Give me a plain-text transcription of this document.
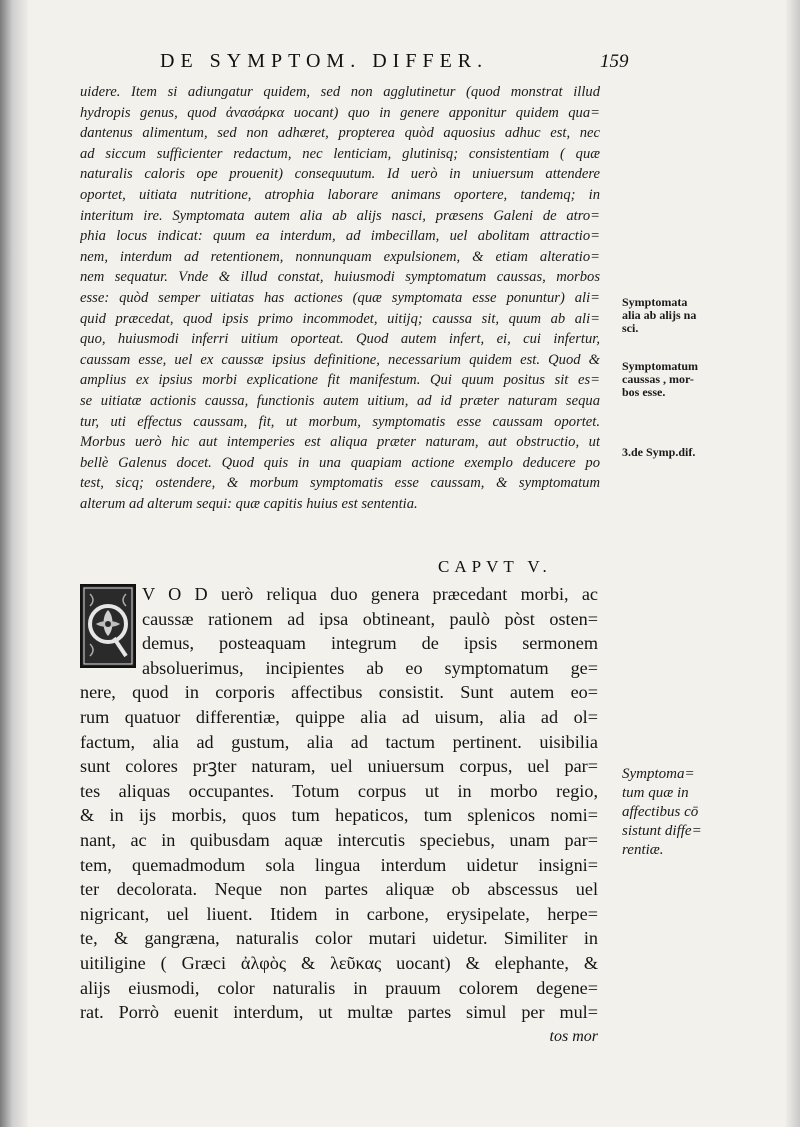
DE SYMPTOM. DIFFER.	159
uidere. Item si adiungatur quidem, sed non agglutinetur (quod monstrat illud
hydropis genus, quod ἀνασάρκα uocant) quo in genere apponitur quidem qua=
dantenus alimentum, sed non adhæret, propterea quòd aquosius adhuc est, nec
ad siccum sufficienter redactum, nec lenticiam, glutinisq; consistentiam ( quæ
naturalis caloris ope prouenit) consequutum. Id uerò in uniuersum attendere
oportet, uitiata nutritione, atrophia laborare animans oportere, tandemq; in
interitum ire. Symptomata autem alia ab alijs nasci, præsens Galeni de atro=
phia locus indicat: quum ea interdum, ad imbecillam, uel abolitam attractio=
nem, interdum ad retentionem, nonnunquam expulsionem, & etiam alteratio=
nem sequatur. Vnde & illud constat, huiusmodi symptomatum caussas, morbos
esse: quòd semper uitiatas has actiones (quæ symptomata esse ponuntur) ali=
quid præcedat, quod ipsis primo incommodet, uitijq; caussa sit, quum ab ali=
quo, huiusmodi inferri uitium oporteat. Quod autem infert, ei, cui infertur,
caussam esse, uel ex caussæ ipsius definitione, necessarium quidem est. Quod &
amplius ex ipsius morbi explicatione fit manifestum. Qui quum positus sit es=
se uitiatæ actionis caussa, functionis autem uitium, ad id præter naturam sequa
tur, uti effectus caussam, fit, ut morbum, symptomatis esse caussam oportet.
Morbus uerò hic aut intemperies est aliqua præter naturam, aut obstructio, ut
bellè Galenus docet. Quod quis in una quapiam actione exemplo deducere po
test, sicq; ostendere, & morbum symptomatis esse caussam, & symptomatum
alterum ad alterum sequi: quæ capitis huius est sententia.
CAPVT V.
V O D uerò reliqua duo genera præcedant morbi, ac
caussæ rationem ad ipsa obtineant, paulò pòst osten=
demus, posteaquam integrum de ipsis sermonem
absoluerimus, incipientes ab eo symptomatum ge=
nere, quod in corporis affectibus consistit. Sunt autem eo=
rum quatuor differentiæ, quippe alia ad uisum, alia ad ol=
factum, alia ad gustum, alia ad tactum pertinent. uisibilia
sunt colores prꝫter naturam, uel uniuersum corpus, uel par=
tes aliquas occupantes. Totum corpus ut in morbo regio,
& in ijs morbis, quos tum hepaticos, tum splenicos nomi=
nant, ac in quibusdam aquæ intercutis speciebus, unam par=
tem, quemadmodum sola lingua interdum uidetur insigni=
ter decolorata. Neque non partes aliquæ ob abscessus uel
nigricant, uel liuent. Itidem in carbone, erysipelate, herpe=
te, & gangræna, naturalis color mutari uidetur. Similiter in
uitiligine ( Græci ἀλφὸς & λεῦκας uocant) & elephante, &
alijs eiusmodi, color naturalis in prauum colorem degene=
rat. Porrò euenit interdum, ut multæ partes simul per mul=
tos mor
Symptomata
alia ab alijs na
sci.
Symptomatum
caussas , mor-
bos esse.
3.de Symp.dif.
Symptoma=
tum quæ in
affectibus cō
sistunt diffe=
rentiæ.
